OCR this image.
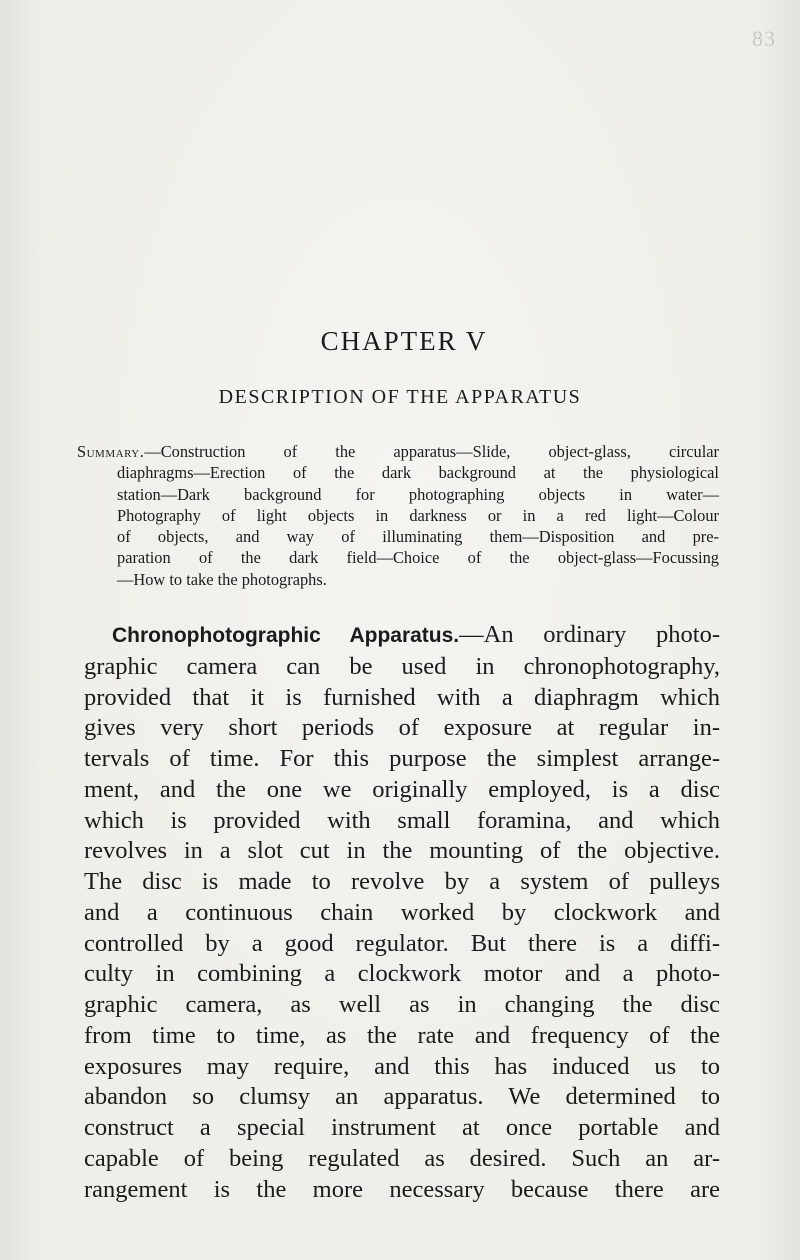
83
CHAPTER V
DESCRIPTION OF THE APPARATUS
Summary.—Construction of the apparatus—Slide, object-glass, circular
diaphragms—Erection of the dark background at the physiological
station—Dark background for photographing objects in water—
Photography of light objects in darkness or in a red light—Colour
of objects, and way of illuminating them—Disposition and pre-
paration of the dark field—Choice of the object-glass—Focussing
—How to take the photographs.
Chronophotographic Apparatus.—An ordinary photo-
graphic camera can be used in chronophotography,
provided that it is furnished with a diaphragm which
gives very short periods of exposure at regular in-
tervals of time. For this purpose the simplest arrange-
ment, and the one we originally employed, is a disc
which is provided with small foramina, and which
revolves in a slot cut in the mounting of the objective.
The disc is made to revolve by a system of pulleys
and a continuous chain worked by clockwork and
controlled by a good regulator. But there is a diffi-
culty in combining a clockwork motor and a photo-
graphic camera, as well as in changing the disc
from time to time, as the rate and frequency of the
exposures may require, and this has induced us to
abandon so clumsy an apparatus. We determined to
construct a special instrument at once portable and
capable of being regulated as desired. Such an ar-
rangement is the more necessary because there are
